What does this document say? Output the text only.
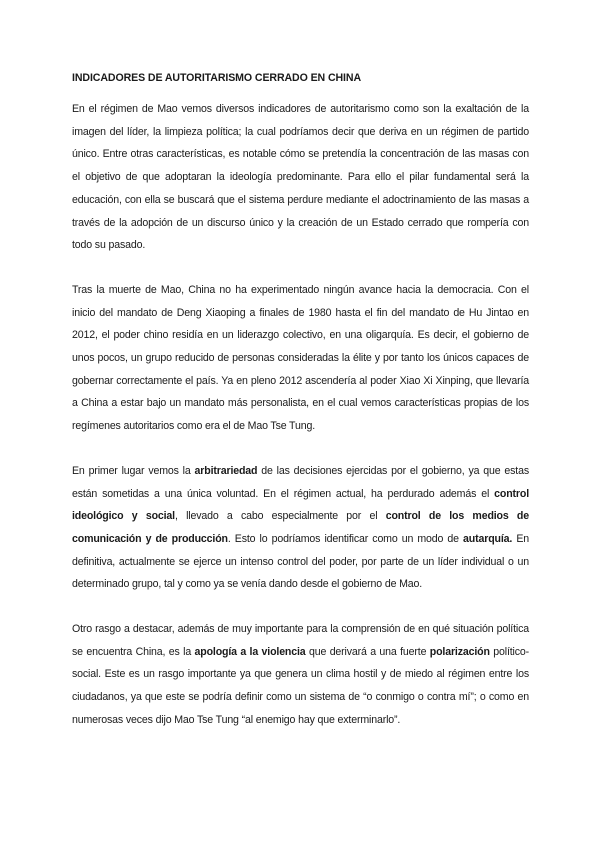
INDICADORES DE AUTORITARISMO CERRADO EN CHINA

En el régimen de Mao vemos diversos indicadores de autoritarismo como son la exaltación de la imagen del líder, la limpieza política; la cual podríamos decir que deriva en un régimen de partido único. Entre otras características, es notable cómo se pretendía la concentración de las masas con el objetivo de que adoptaran la ideología predominante. Para ello el pilar fundamental será la educación, con ella se buscará que el sistema perdure mediante el adoctrinamiento de las masas a través de la adopción de un discurso único y la creación de un Estado cerrado que rompería con todo su pasado.

Tras la muerte de Mao, China no ha experimentado ningún avance hacia la democracia. Con el inicio del mandato de Deng Xiaoping a finales de 1980 hasta el fin del mandato de Hu Jintao en 2012, el poder chino residía en un liderazgo colectivo, en una oligarquía. Es decir, el gobierno de unos pocos, un grupo reducido de personas consideradas la élite y por tanto los únicos capaces de gobernar correctamente el país. Ya en pleno 2012 ascendería al poder Xiao Xi Xinping, que llevaría a China a estar bajo un mandato más personalista, en el cual vemos características propias de los regímenes autoritarios como era el de Mao Tse Tung.

En primer lugar vemos la arbitrariedad de las decisiones ejercidas por el gobierno, ya que estas están sometidas a una única voluntad. En el régimen actual, ha perdurado además el control ideológico y social, llevado a cabo especialmente por el control de los medios de comunicación y de producción. Esto lo podríamos identificar como un modo de autarquía. En definitiva, actualmente se ejerce un intenso control del poder, por parte de un líder individual o un determinado grupo, tal y como ya se venía dando desde el gobierno de Mao.

Otro rasgo a destacar, además de muy importante para la comprensión de en qué situación política se encuentra China, es la apología a la violencia que derivará a una fuerte polarización político-social. Este es un rasgo importante ya que genera un clima hostil y de miedo al régimen entre los ciudadanos, ya que este se podría definir como un sistema de “o conmigo o contra mí”; o como en numerosas veces dijo Mao Tse Tung “al enemigo hay que exterminarlo”.
